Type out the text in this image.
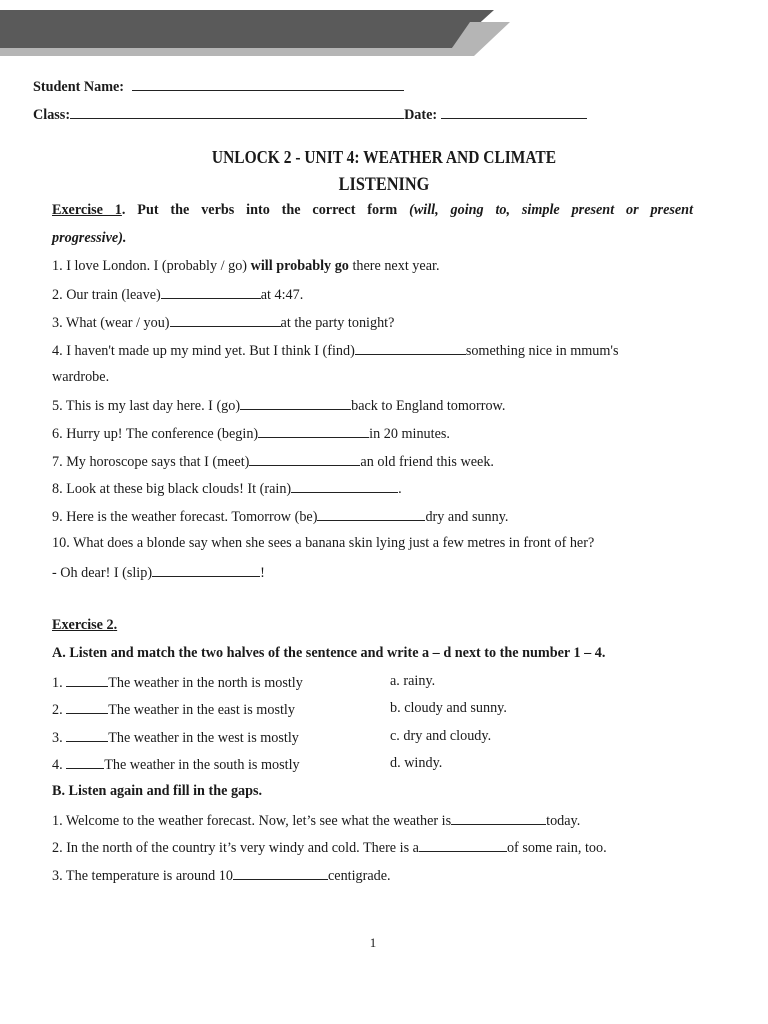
Student Name:
Class:	Date:
UNLOCK 2 - UNIT 4: WEATHER AND CLIMATE
LISTENING
Exercise 1. Put the verbs into the correct form (will, going to, simple present or present
progressive).
1. I love London. I (probably / go) will probably go there next year.
2. Our train (leave)	at 4:47.
3. What (wear / you)	at the party tonight?
4. I haven't made up my mind yet. But I think I (find)	something nice in mmum's
wardrobe.
5. This is my last day here. I (go)	back to England tomorrow.
6. Hurry up! The conference (begin)	in 20 minutes.
7. My horoscope says that I (meet)	an old friend this week.
8. Look at these big black clouds! It (rain)	.
9. Here is the weather forecast. Tomorrow (be)	dry and sunny.
10. What does a blonde say when she sees a banana skin lying just a few metres in front of her?
- Oh dear! I (slip)	!
Exercise 2.
A. Listen and match the two halves of the sentence and write a – d next to the number 1 – 4.
1.	The weather in the north is mostly	a. rainy.
2.	The weather in the east is mostly	b. cloudy and sunny.
3.	The weather in the west is mostly	c. dry and cloudy.
4.	The weather in the south is mostly	d. windy.
B. Listen again and fill in the gaps.
1. Welcome to the weather forecast. Now, let’s see what the weather is	today.
2. In the north of the country it’s very windy and cold. There is a	of some rain, too.
3. The temperature is around 10	centigrade.
1
